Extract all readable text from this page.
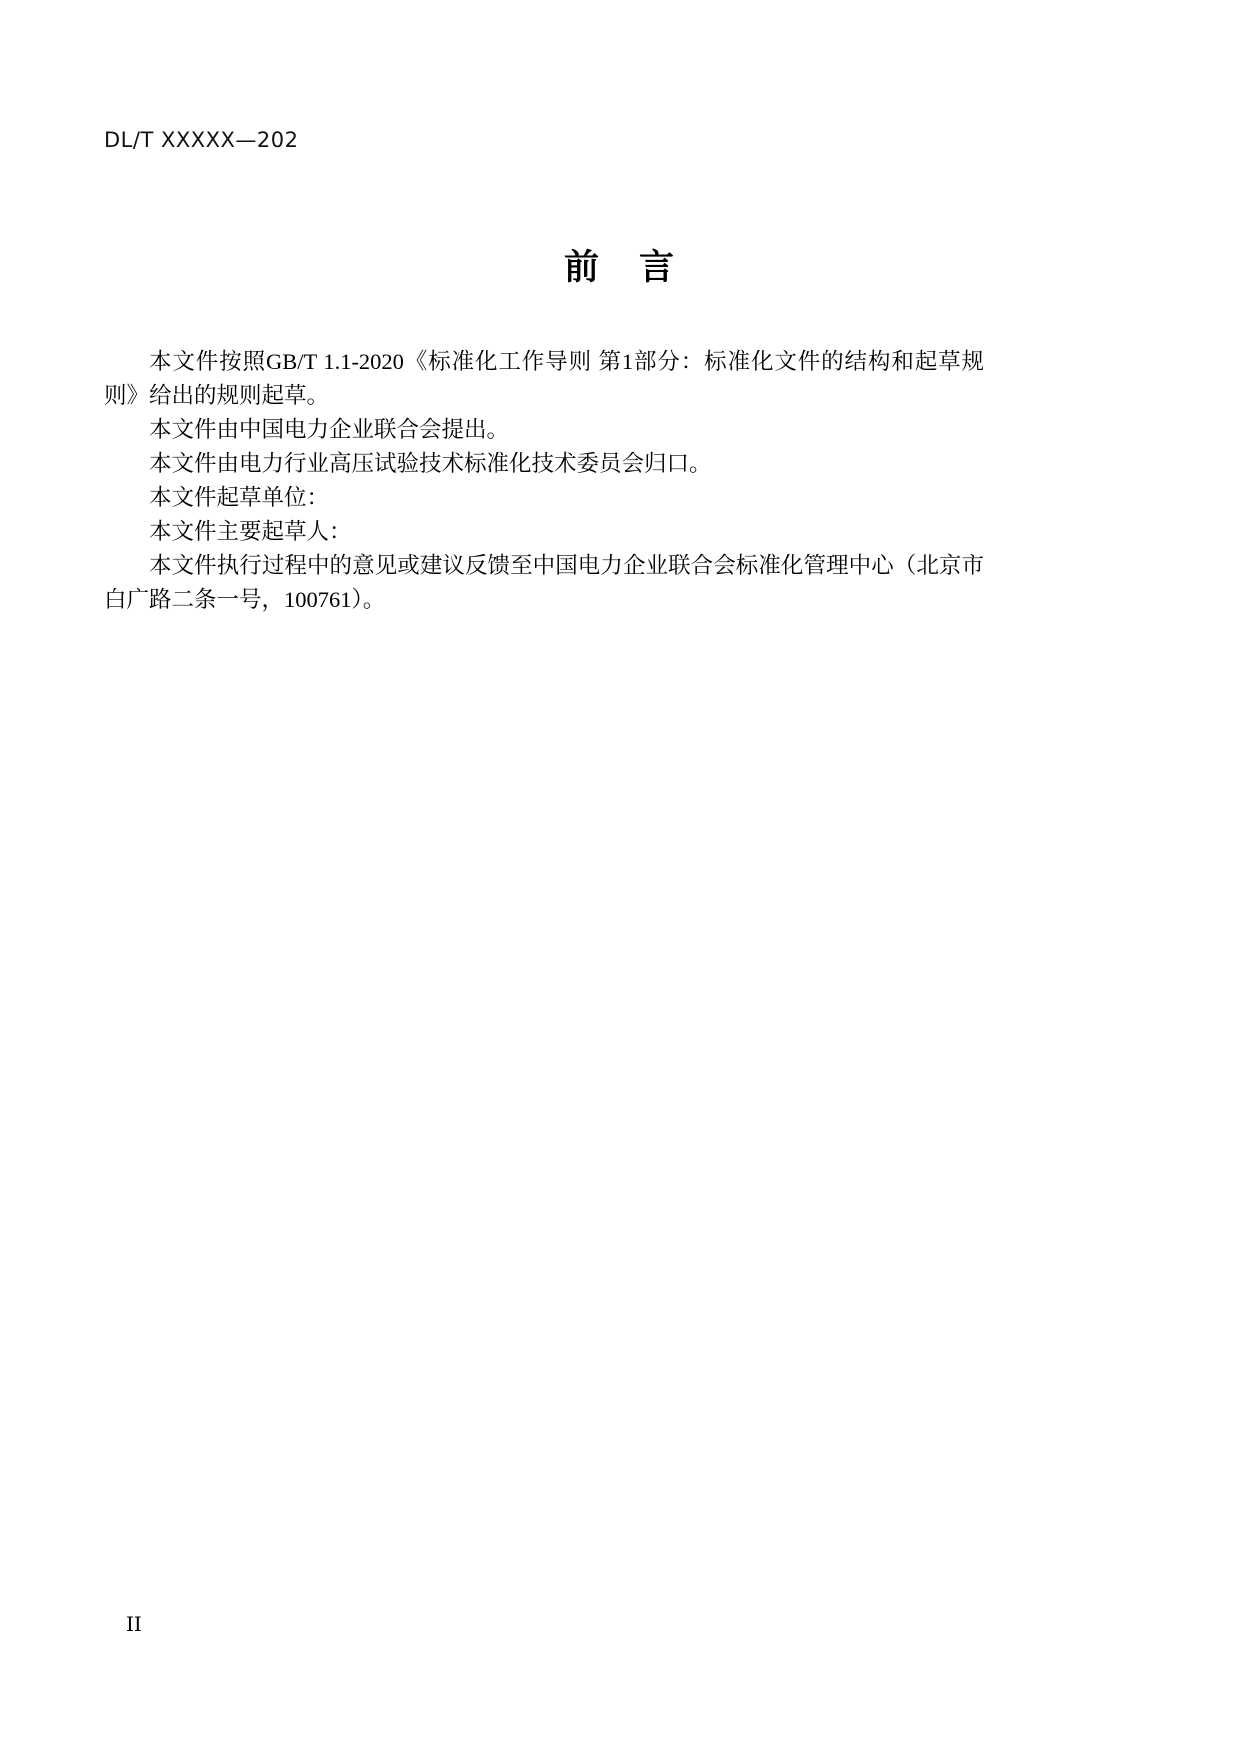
DL/T XXXXX—202
前 言

本文件按照GB/T 1.1-2020《标准化工作导则 第1部分：标准化文件的结构和起草规则》给出的规则起草。

本文件由中国电力企业联合会提出。

本文件由电力行业高压试验技术标准化技术委员会归口。

本文件起草单位：

本文件主要起草人：

本文件执行过程中的意见或建议反馈至中国电力企业联合会标准化管理中心（北京市白广路二条一号，100761）。

II
